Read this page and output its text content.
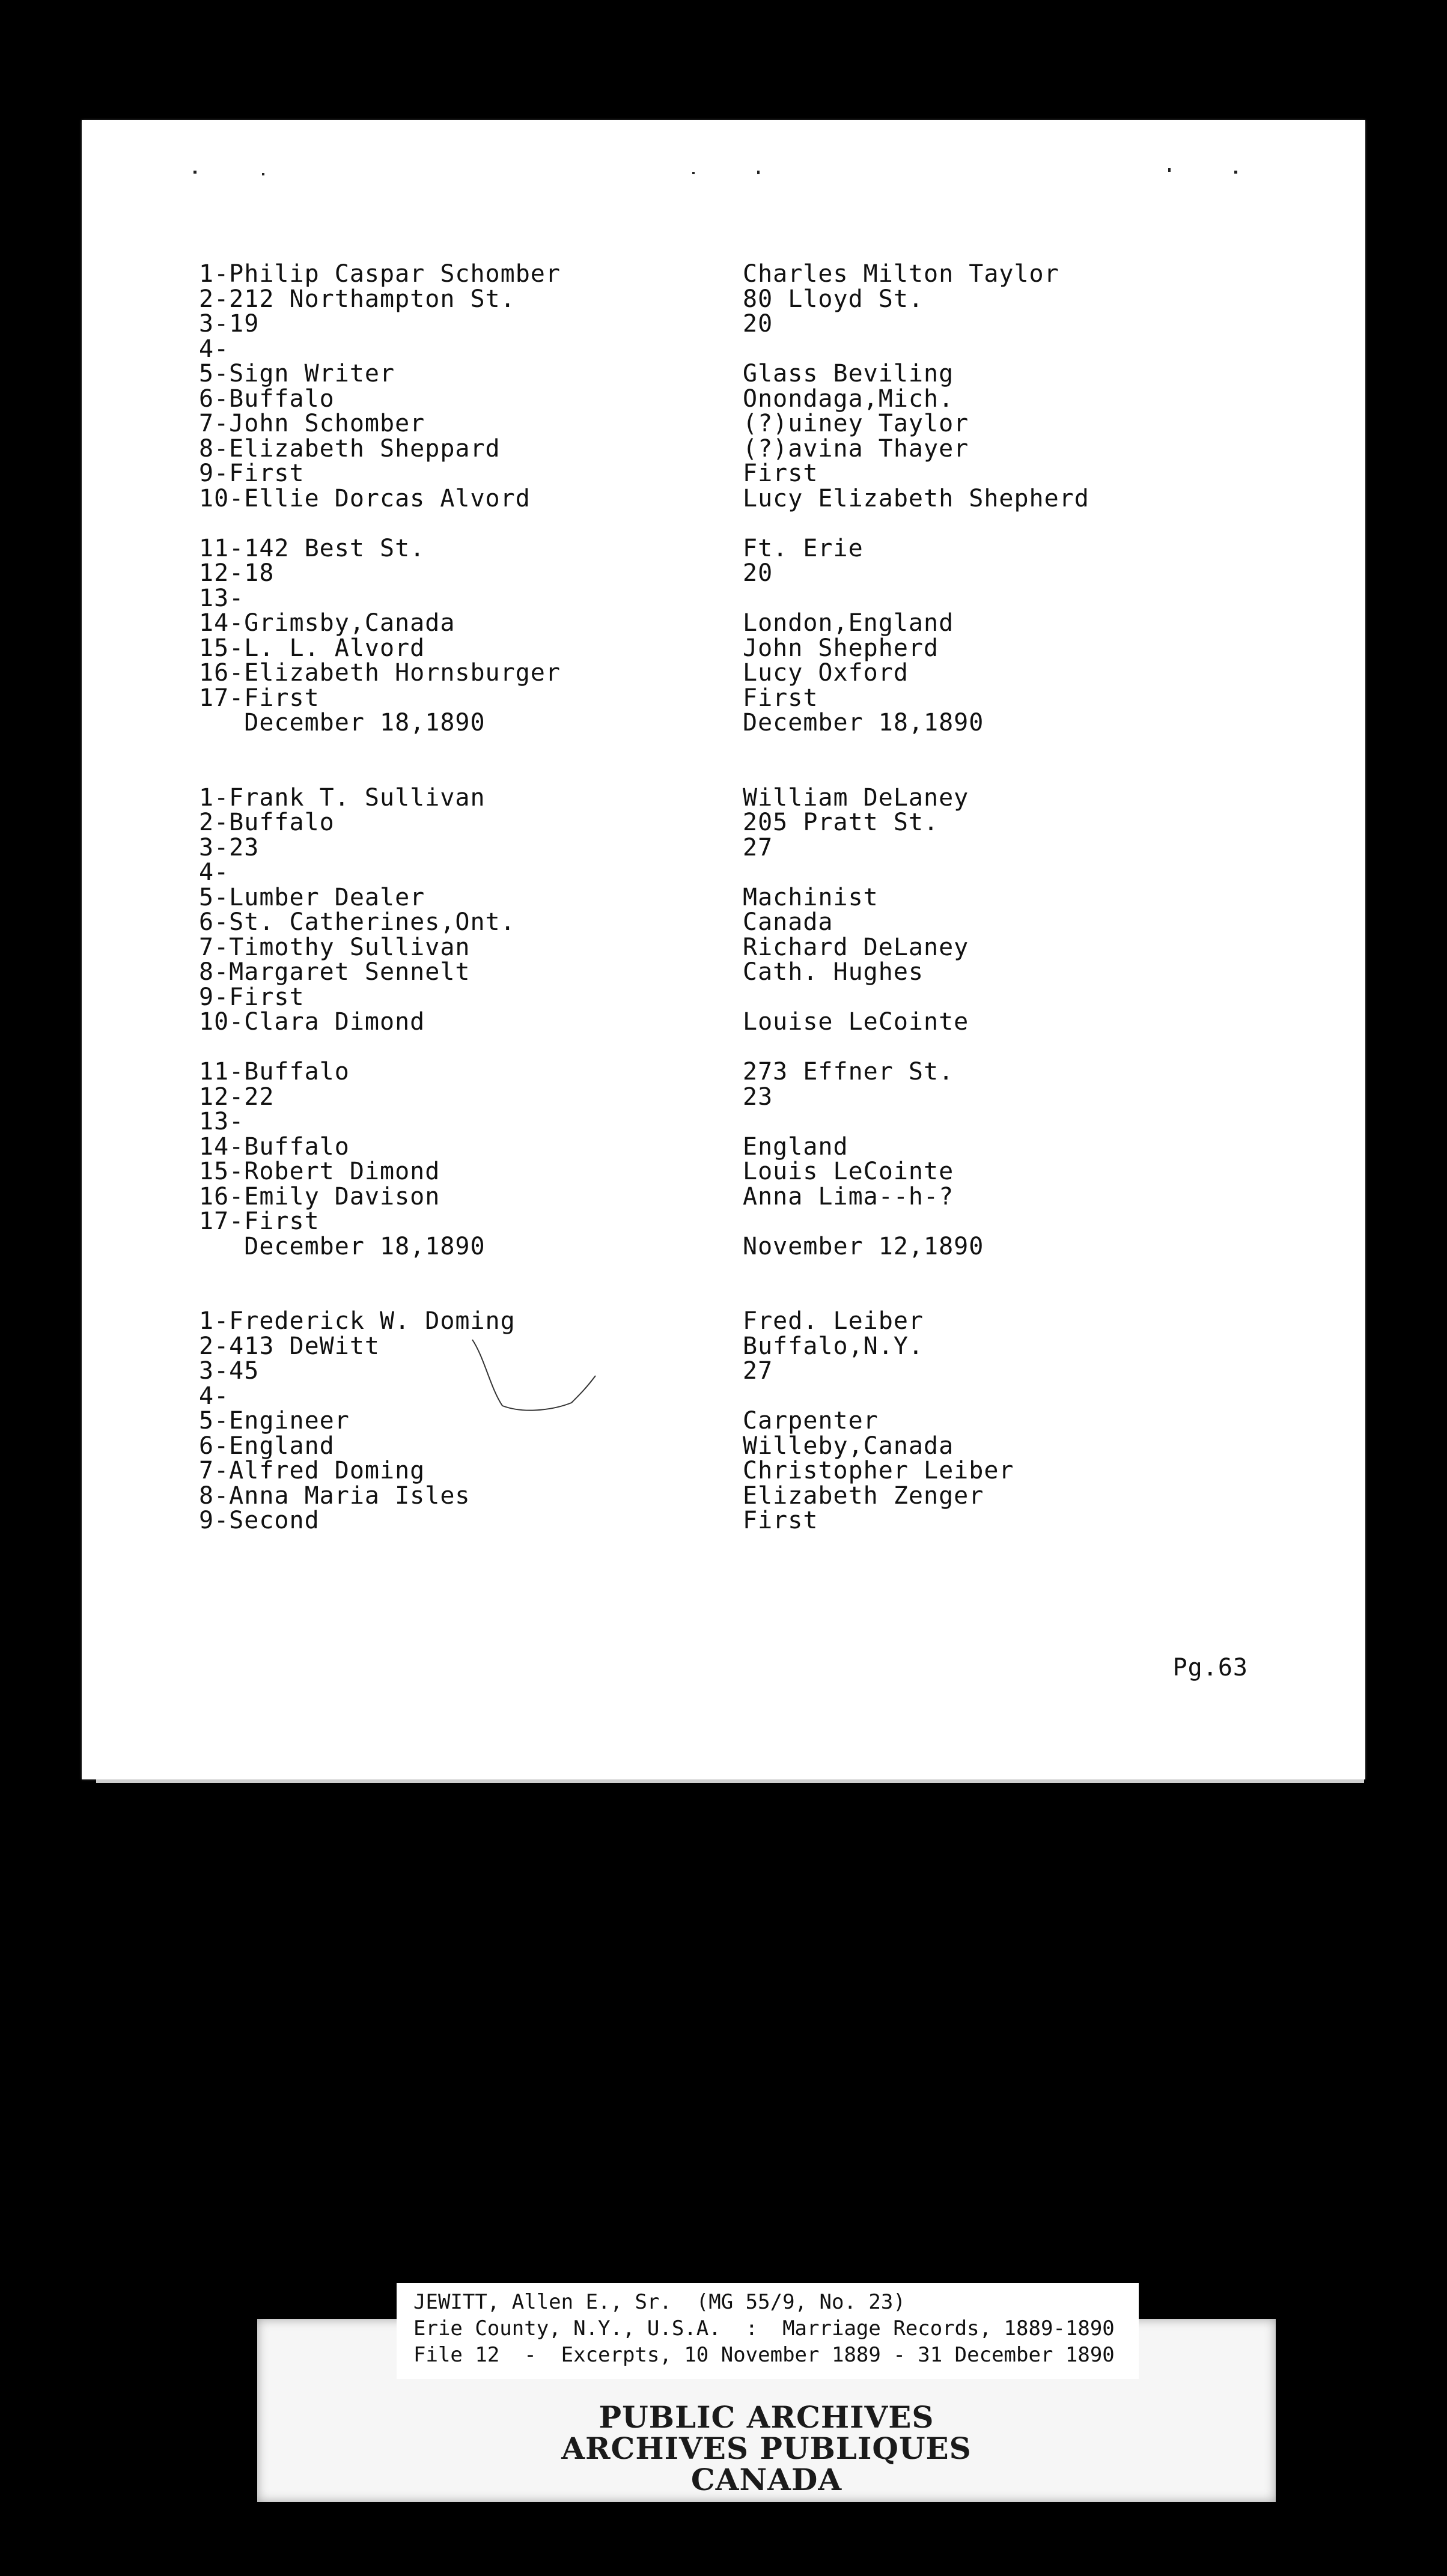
1-Philip Caspar Schomber
2-212 Northampton St.
3-19
4-
5-Sign Writer
6-Buffalo
7-John Schomber
8-Elizabeth Sheppard
9-First
10-Ellie Dorcas Alvord
11-142 Best St.
12-18
13-
14-Grimsby,Canada
15-L. L. Alvord
16-Elizabeth Hornsburger
17-First
December 18,1890
1-Frank T. Sullivan
2-Buffalo
3-23
4-
5-Lumber Dealer
6-St. Catherines,Ont.
7-Timothy Sullivan
8-Margaret Sennelt
9-First
10-Clara Dimond
11-Buffalo
12-22
13-
14-Buffalo
15-Robert Dimond
16-Emily Davison
17-First
December 18,1890
1-Frederick W. Doming
2-413 DeWitt
3-45
4-
5-Engineer
6-England
7-Alfred Doming
8-Anna Maria Isles
9-Second
Charles Milton Taylor
80 Lloyd St.
20
Glass Beviling
Onondaga,Mich.
(?)uiney Taylor
(?)avina Thayer
First
Lucy Elizabeth Shepherd
Ft. Erie
20
London,England
John Shepherd
Lucy Oxford
First
December 18,1890
William DeLaney
205 Pratt St.
27
Machinist
Canada
Richard DeLaney
Cath. Hughes
Louise LeCointe
273 Effner St.
23
England
Louis LeCointe
Anna Lima--h-?
November 12,1890
Fred. Leiber
Buffalo,N.Y.
27
Carpenter
Willeby,Canada
Christopher Leiber
Elizabeth Zenger
First
Pg.63
JEWITT, Allen E., Sr.  (MG 55/9, No. 23)
Erie County, N.Y., U.S.A.  :  Marriage Records, 1889-1890
File 12  -  Excerpts, 10 November 1889 - 31 December 1890
PUBLIC ARCHIVES
ARCHIVES PUBLIQUES
CANADA
